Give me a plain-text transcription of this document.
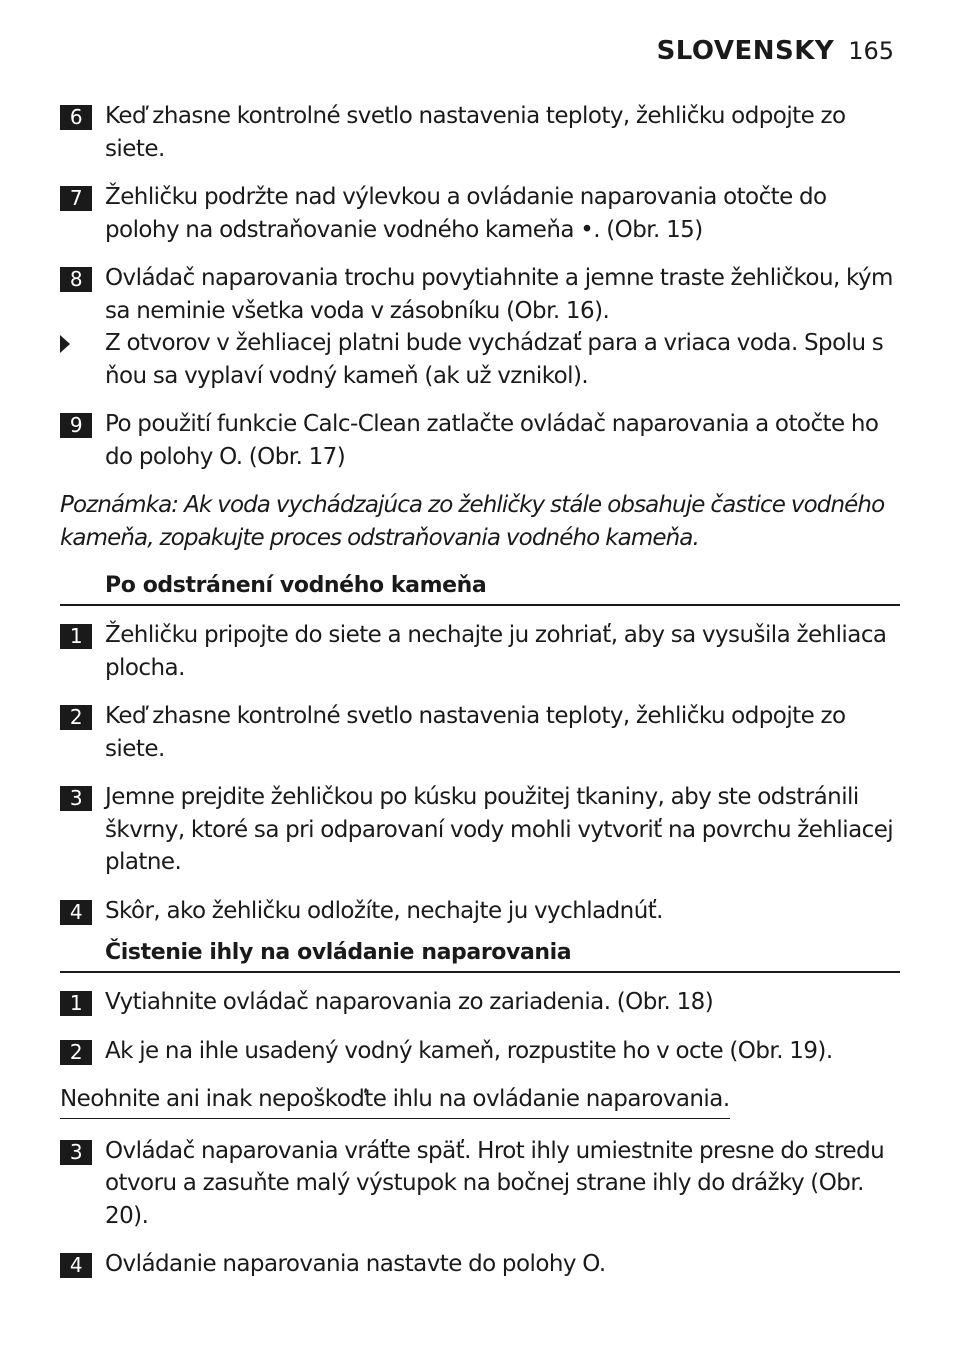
SLOVENSKY 165
6 Keď zhasne kontrolné svetlo nastavenia teploty, žehličku odpojte zo siete.
7 Žehličku podržte nad výlevkou a ovládanie naparovania otočte do polohy na odstraňovanie vodného kameňa •. (Obr. 15)
8 Ovládač naparovania trochu povytiahnite a jemne traste žehličkou, kým sa neminie všetka voda v zásobníku (Obr. 16).
Z otvorov v žehliacej platni bude vychádzať para a vriaca voda. Spolu s ňou sa vyplaví vodný kameň (ak už vznikol).
9 Po použití funkcie Calc-Clean zatlačte ovládač naparovania a otočte ho do polohy O. (Obr. 17)
Poznámka: Ak voda vychádzajúca zo žehličky stále obsahuje častice vodného kameňa, zopakujte proces odstraňovania vodného kameňa.
Po odstránení vodného kameňa
1 Žehličku pripojte do siete a nechajte ju zohriať, aby sa vysušila žehliaca plocha.
2 Keď zhasne kontrolné svetlo nastavenia teploty, žehličku odpojte zo siete.
3 Jemne prejdite žehličkou po kúsku použitej tkaniny, aby ste odstránili škvrny, ktoré sa pri odparovaní vody mohli vytvoriť na povrchu žehliacej platne.
4 Skôr, ako žehličku odložíte, nechajte ju vychladnúť.
Čistenie ihly na ovládanie naparovania
1 Vytiahnite ovládač naparovania zo zariadenia. (Obr. 18)
2 Ak je na ihle usadený vodný kameň, rozpustite ho v octe (Obr. 19).
Neohnite ani inak nepoškoďte ihlu na ovládanie naparovania.
3 Ovládač naparovania vráťte späť. Hrot ihly umiestnite presne do stredu otvoru a zasuňte malý výstupok na bočnej strane ihly do drážky (Obr. 20).
4 Ovládanie naparovania nastavte do polohy O.
